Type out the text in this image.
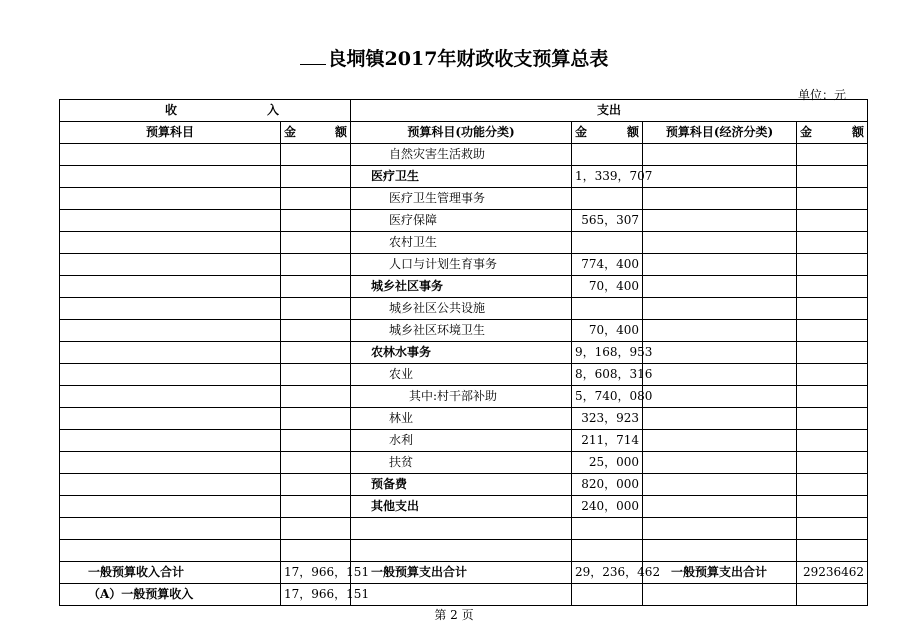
良垌镇2017年财政收支预算总表
单位：元
收 入		支出			
预算科目	金 额	预算科目(功能分类)	金 额	预算科目(经济分类)	金 额

		自然灾害生活救助			
		医疗卫生	1，339，707		
		医疗卫生管理事务			
		医疗保障	565，307		
		农村卫生			
		人口与计划生育事务	774，400		
		城乡社区事务	70，400		
		城乡社区公共设施			
		城乡社区环境卫生	70，400		
		农林水事务	9，168，953		
		农业	8，608，316		
		其中:村干部补助	5，740，080		
		林业	323，923		
		水利	211，714		
		扶贫	25，000		
		预备费	820，000		
		其他支出	240，000		

一般预算收入合计	17，966，151	一般预算支出合计	29，236，462	一般预算支出合计	29236462
（A）一般预算收入	17，966，151				
第 2 页
